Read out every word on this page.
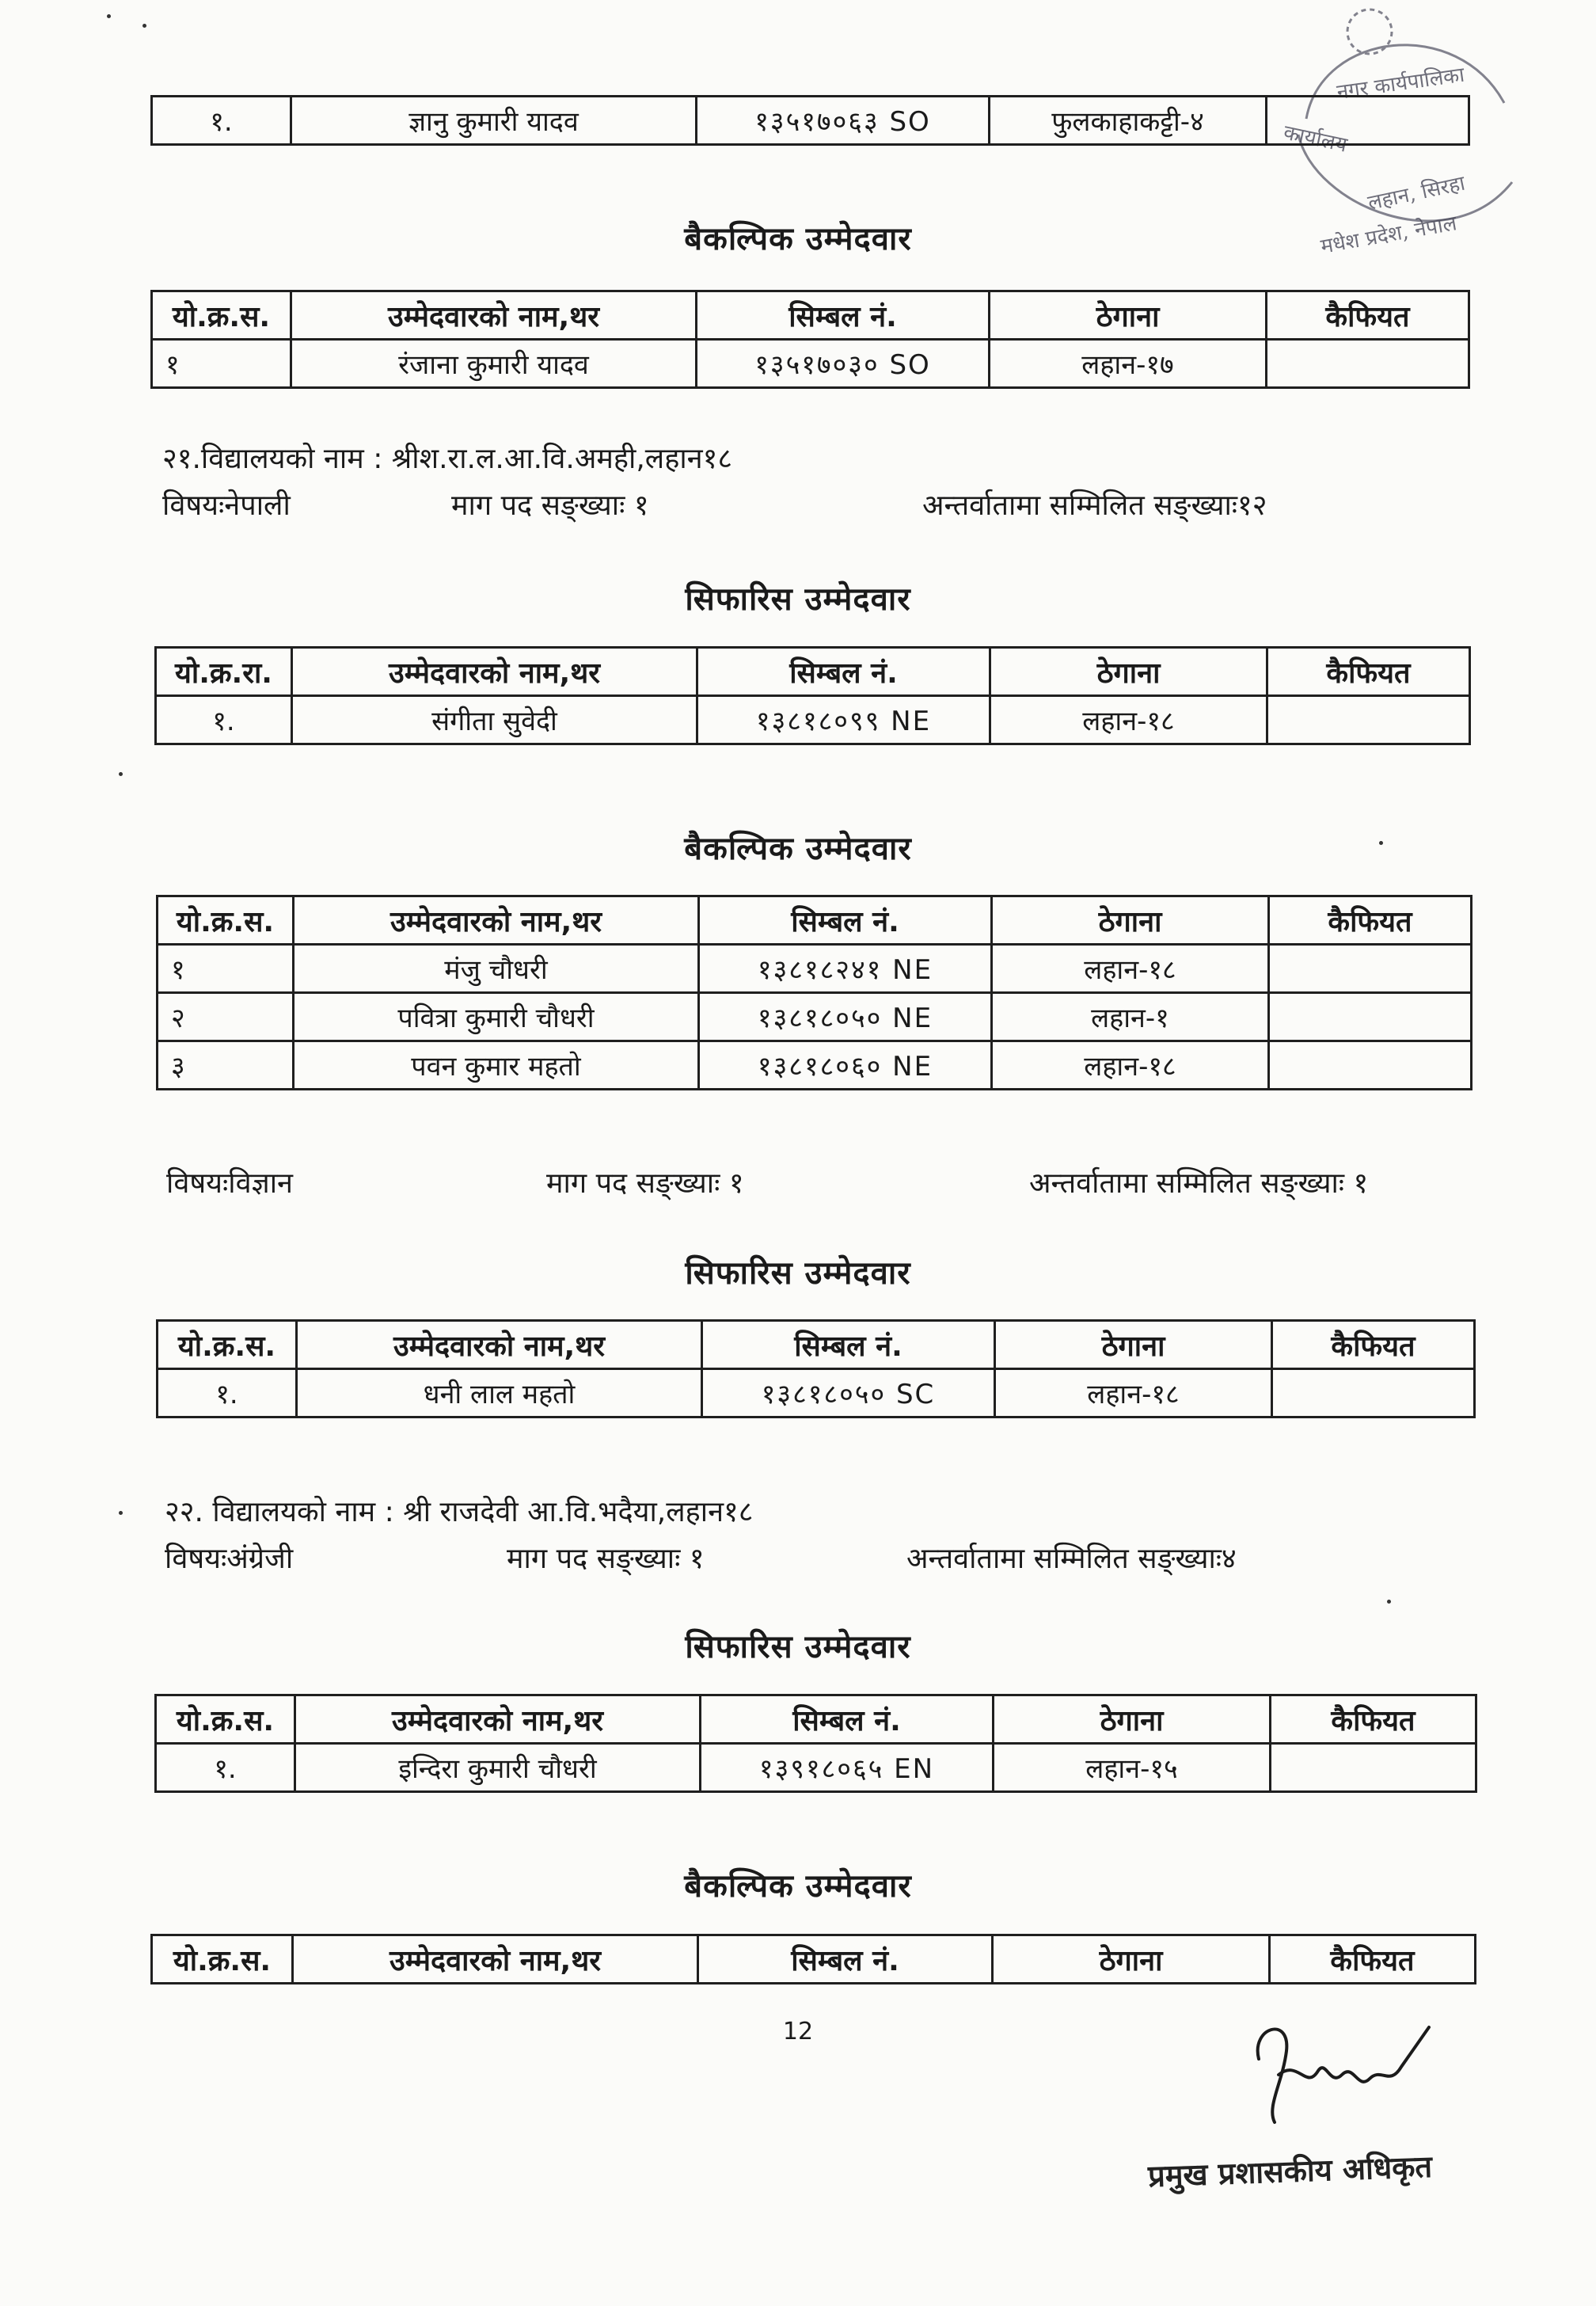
नगर कार्यपालिका
कार्यालय
लहान, सिरहा
मधेश प्रदेश, नेपाल
१.	ज्ञानु कुमारी यादव	१३५१७०६३ SO	फुलकाहाकट्टी-४	
बैकल्पिक उम्मेदवार
यो.क्र.स.	उम्मेदवारको नाम,थर	सिम्बल नं.	ठेगाना	कैफियत
१	रंजाना कुमारी यादव	१३५१७०३० SO	लहान-१७	
२१.विद्यालयको नाम : श्रीश.रा.ल.आ.वि.अमही,लहान१८
विषयःनेपाली	माग पद सङ्ख्याः १	अन्तर्वातामा सम्मिलित सङ्ख्याः१२
सिफारिस उम्मेदवार
यो.क्र.रा.	उम्मेदवारको नाम,थर	सिम्बल नं.	ठेगाना	कैफियत
१.	संगीता सुवेदी	१३८१८०९९ NE	लहान-१८	
बैकल्पिक उम्मेदवार
यो.क्र.स.	उम्मेदवारको नाम,थर	सिम्बल नं.	ठेगाना	कैफियत
१	मंजु चौधरी	१३८१८२४१ NE	लहान-१८	
२	पवित्रा कुमारी चौधरी	१३८१८०५० NE	लहान-१	
३	पवन कुमार महतो	१३८१८०६० NE	लहान-१८	
विषयःविज्ञान	माग पद सङ्ख्याः १	अन्तर्वातामा सम्मिलित सङ्ख्याः १
सिफारिस उम्मेदवार
यो.क्र.स.	उम्मेदवारको नाम,थर	सिम्बल नं.	ठेगाना	कैफियत
१.	धनी लाल महतो	१३८१८०५० SC	लहान-१८	
२२. विद्यालयको नाम : श्री राजदेवी आ.वि.भदैया,लहान१८
विषयःअंग्रेजी	माग पद सङ्ख्याः १	अन्तर्वातामा सम्मिलित सङ्ख्याः४
सिफारिस उम्मेदवार
यो.क्र.स.	उम्मेदवारको नाम,थर	सिम्बल नं.	ठेगाना	कैफियत
१.	इन्दिरा कुमारी चौधरी	१३९१८०६५ EN	लहान-१५	
बैकल्पिक उम्मेदवार
यो.क्र.स.	उम्मेदवारको नाम,थर	सिम्बल नं.	ठेगाना	कैफियत
12
प्रमुख प्रशासकीय अधिकृत
